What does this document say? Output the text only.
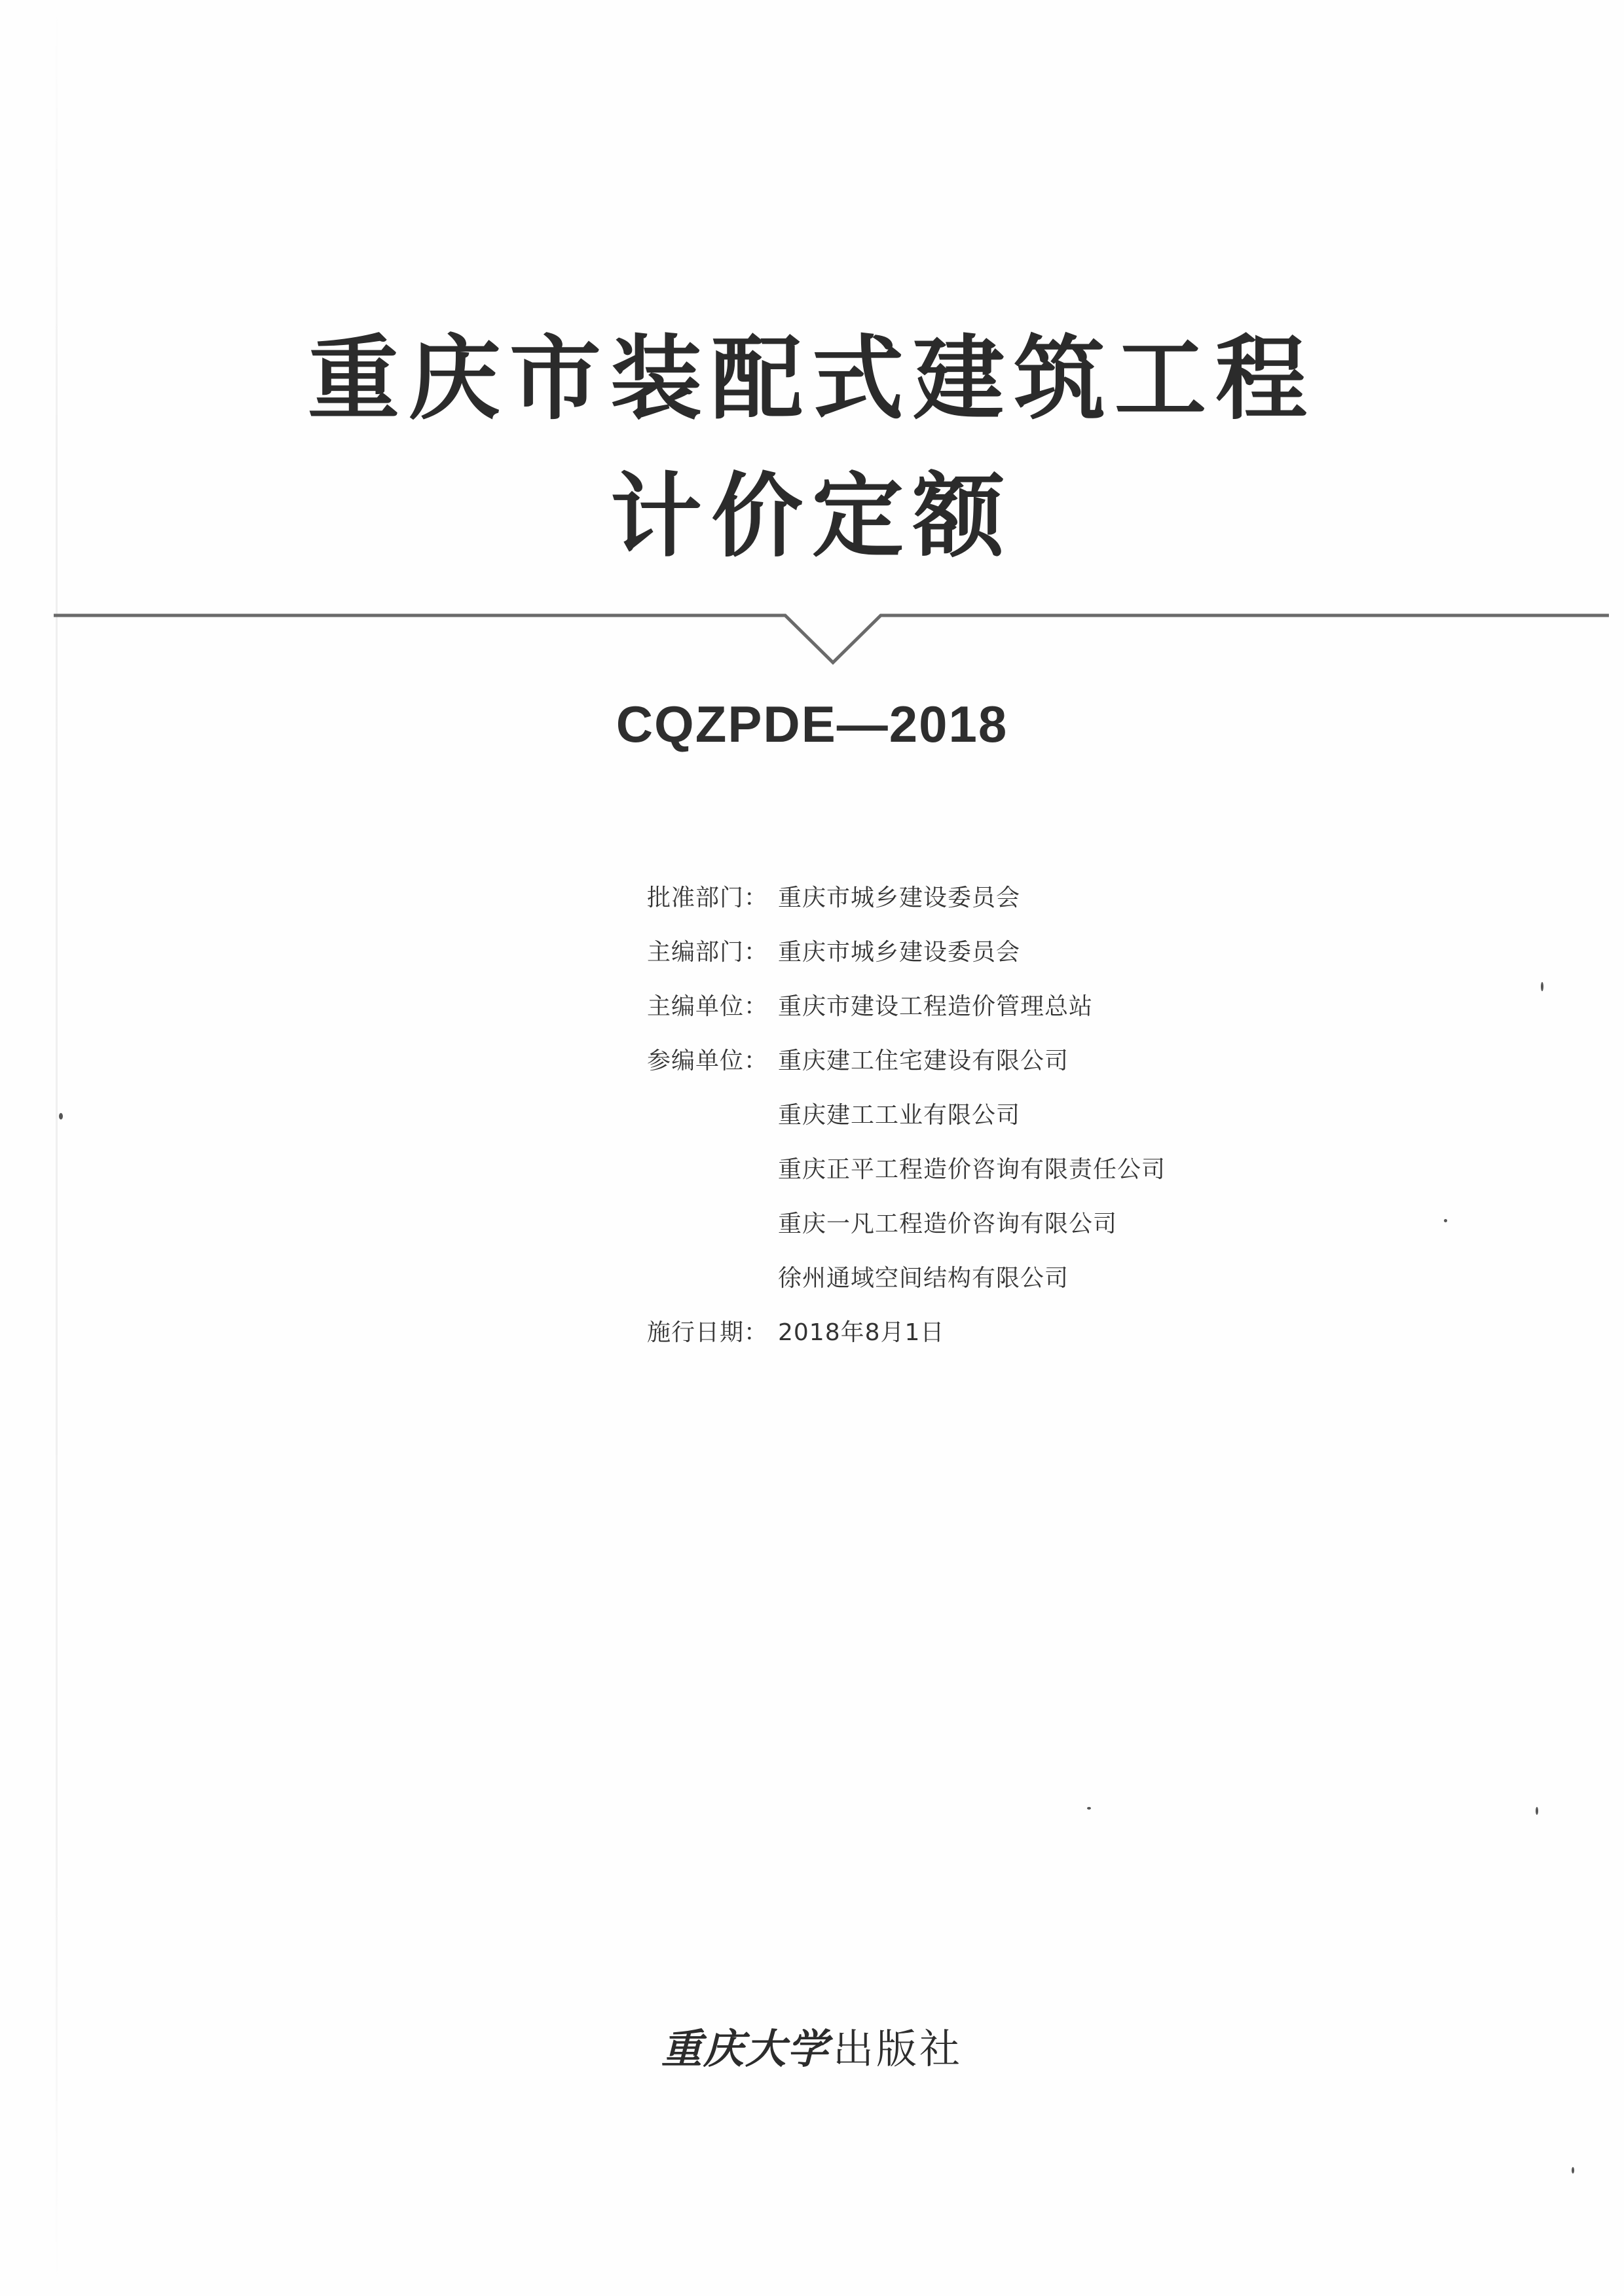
重庆市装配式建筑工程
计价定额
CQZPDE—2018
批准部门： 重庆市城乡建设委员会
主编部门： 重庆市城乡建设委员会
主编单位： 重庆市建设工程造价管理总站
参编单位： 重庆建工住宅建设有限公司
重庆建工工业有限公司
重庆正平工程造价咨询有限责任公司
重庆一凡工程造价咨询有限公司
徐州通域空间结构有限公司
施行日期： 2018年8月1日
重庆大学出版社
